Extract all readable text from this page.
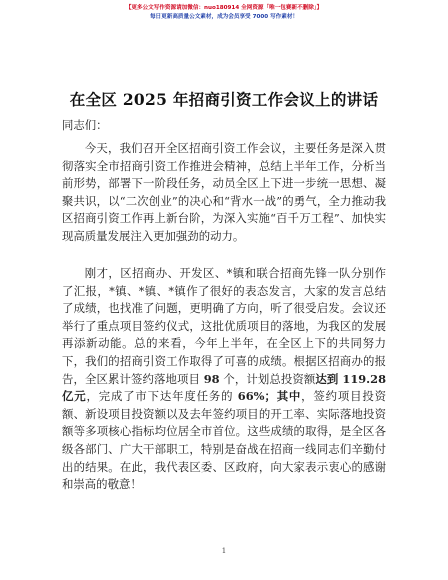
【更多公文写作资源请加微信：nuo180914 全网资源「唯一包赛新不删除」】
每日更新高质量公文素材，成为会员享受 7000 写作素材！
在全区 2025 年招商引资工作会议上的讲话
同志们：
今天，我们召开全区招商引资工作会议，主要任务是深入贯彻落实全市招商引资工作推进会精神，总结上半年工作，分析当前形势，部署下一阶段任务，动员全区上下进一步统一思想、凝聚共识，以“二次创业”的决心和“背水一战”的勇气，全力推动我区招商引资工作再上新台阶，为深入实施“百千万工程”、加快实现高质量发展注入更加强劲的动力。
刚才，区招商办、开发区、*镇和联合招商先锋一队分别作了汇报，*镇、*镇、*镇作了很好的表态发言，大家的发言总结了成绩，也找准了问题，更明确了方向，听了很受启发。会议还举行了重点项目签约仪式，这批优质项目的落地，为我区的发展再添新动能。总的来看，今年上半年，在全区上下的共同努力下，我们的招商引资工作取得了可喜的成绩。根据区招商办的报告，全区累计签约落地项目 98 个，计划总投资额达到 119.28 亿元，完成了市下达年度任务的 66%；其中，签约项目投资额、新设项目投资额以及去年签约项目的开工率、实际落地投资额等多项核心指标均位居全市首位。这些成绩的取得，是全区各级各部门、广大干部职工，特别是奋战在招商一线同志们辛勤付出的结果。在此，我代表区委、区政府，向大家表示衷心的感谢和崇高的敬意！
1
